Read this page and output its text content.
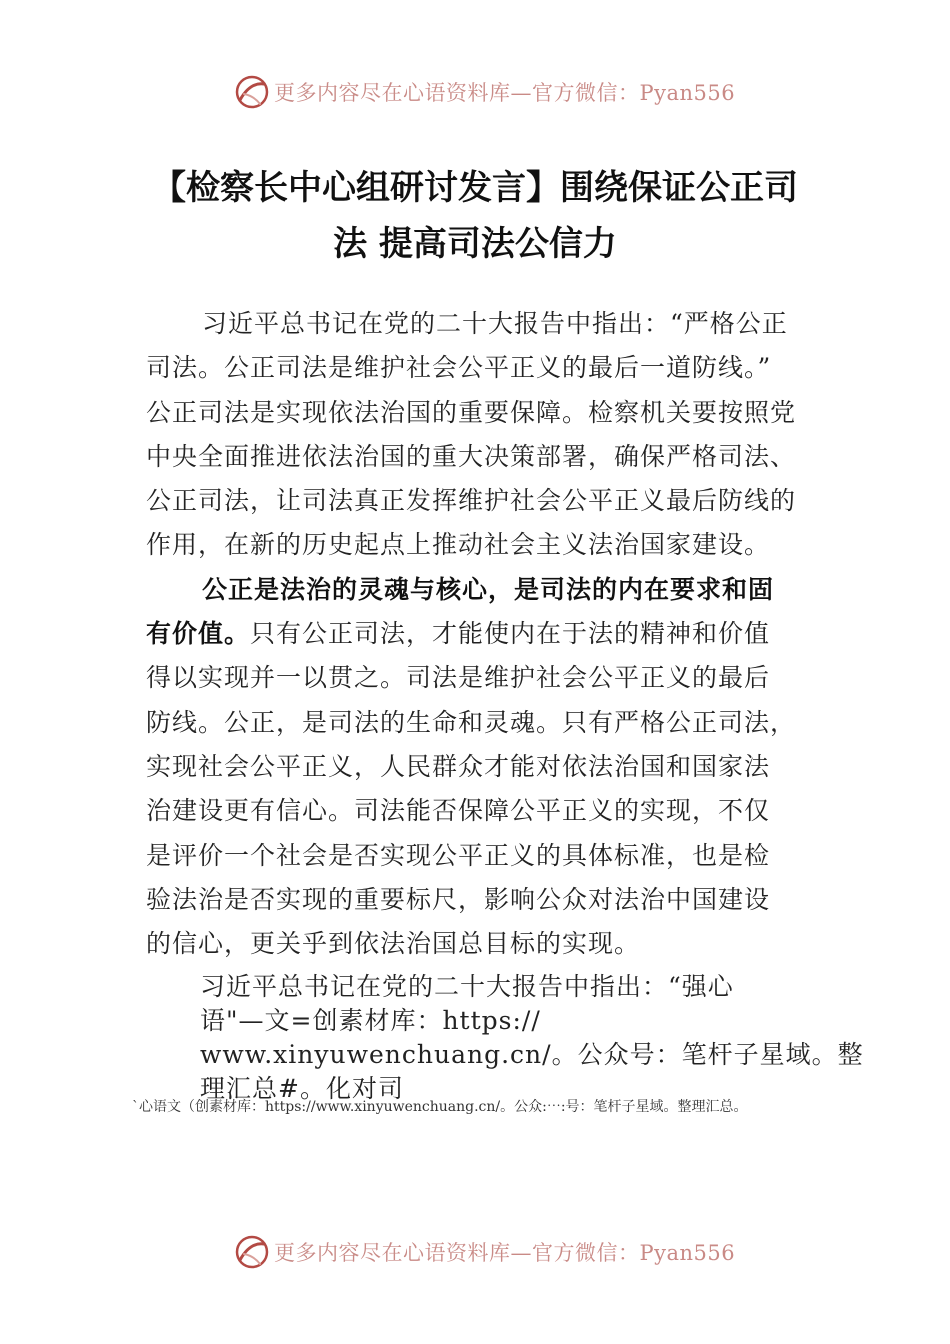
更多内容尽在心语资料库—官方微信：Pyan556
【检察长中心组研讨发言】围绕保证公正司
法 提高司法公信力
习近平总书记在党的二十大报告中指出：“严格公正
司法。公正司法是维护社会公平正义的最后一道防线。”
公正司法是实现依法治国的重要保障。检察机关要按照党
中央全面推进依法治国的重大决策部署，确保严格司法、
公正司法，让司法真正发挥维护社会公平正义最后防线的
作用，在新的历史起点上推动社会主义法治国家建设。
公正是法治的灵魂与核心，是司法的内在要求和固
有价值。只有公正司法，才能使内在于法的精神和价值
得以实现并一以贯之。司法是维护社会公平正义的最后
防线。公正，是司法的生命和灵魂。只有严格公正司法，
实现社会公平正义，人民群众才能对依法治国和国家法
治建设更有信心。司法能否保障公平正义的实现，不仅
是评价一个社会是否实现公平正义的具体标准，也是检
验法治是否实现的重要标尺，影响公众对法治中国建设
的信心，更关乎到依法治国总目标的实现。
习近平总书记在党的二十大报告中指出：“强心
语"—文=创素材库：https://
www.xinyuwenchuang.cn/。公众号：笔杆子星域。整
理汇总#。化对司
`心语文（创素材库：https://www.xinyuwenchuang.cn/。公众:⋯:号：笔杆子星域。整理汇总。
更多内容尽在心语资料库—官方微信：Pyan556
